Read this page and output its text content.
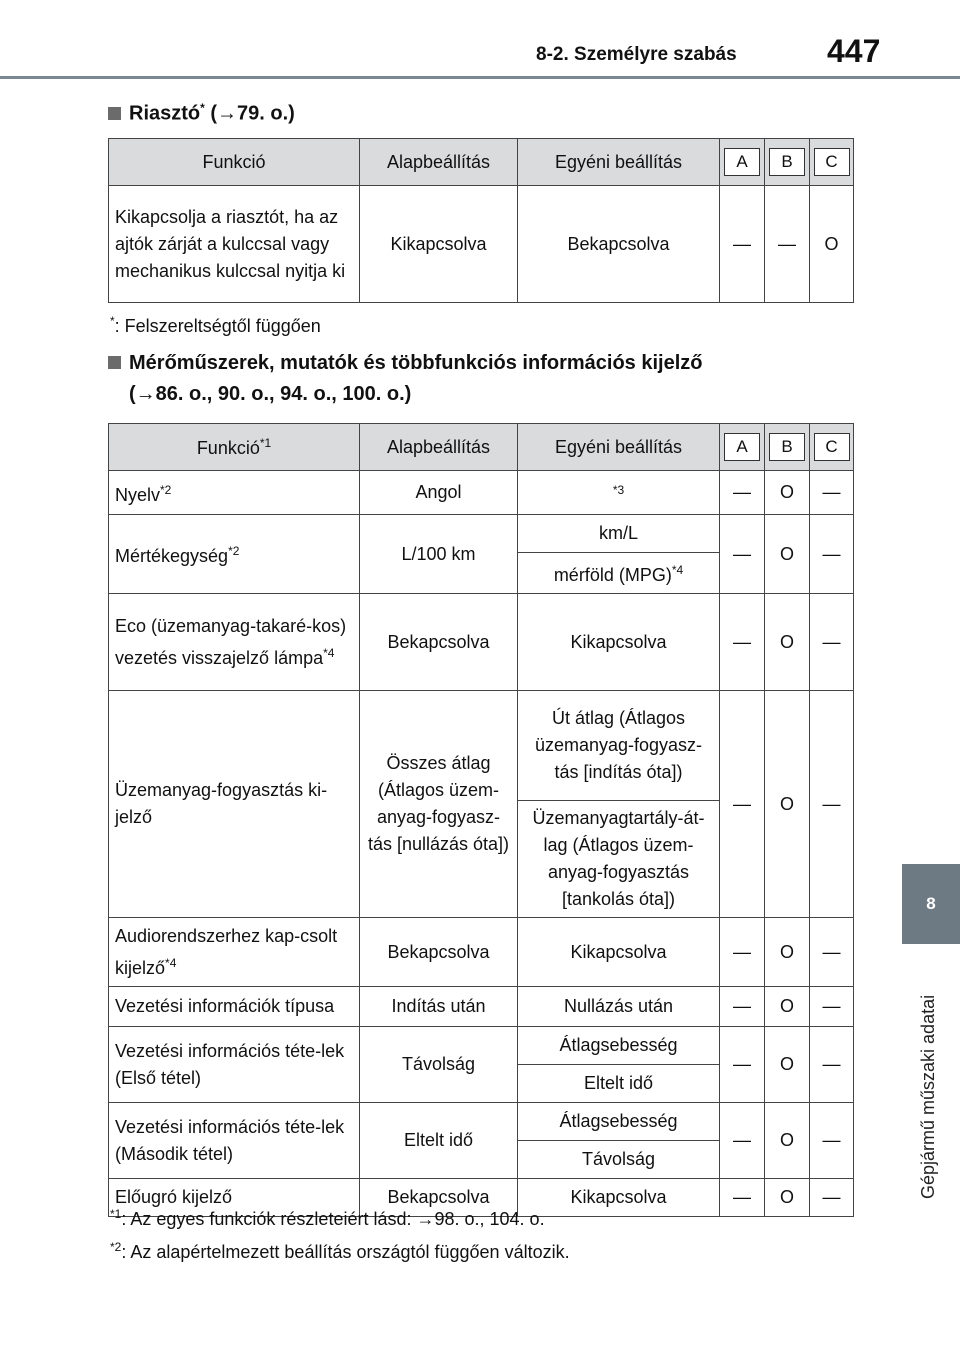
8-2. Személyre szabás	447
8
Gépjármű műszaki adatai
Riasztó* (→79. o.)
Funkció	Alapbeállítás	Egyéni beállítás	A	B	C
Kikapcsolja a riasztót, ha az ajtók zárját a kulccsal vagy mechanikus kulccsal nyitja ki	Kikapcsolva	Bekapcsolva	—	—	O
*: Felszereltségtől függően
Mérőműszerek, mutatók és többfunkciós információs kijelző
(→86. o., 90. o., 94. o., 100. o.)
Funkció$^{*1}$	Alapbeállítás	Egyéni beállítás	A	B	C
Nyelv$^{*2}$	Angol	$^{*3}$	—	O	—
Mértékegység$^{*2}$	L/100 km	km/L	—	O	—
		mérföld (MPG)$^{*4}$
Eco (üzemanyag-takaré-kos) vezetés visszajelző lámpa$^{*4}$	Bekapcsolva	Kikapcsolva	—	O	—
Üzemanyag-fogyasztás ki-jelző	Összes átlag (Átlagos üzem-anyag-fogyasz-tás [nullázás óta])	Út átlag (Átlagos üzemanyag-fogyasz-tás [indítás óta])	—	O	—
		Üzemanyagtartály-át-lag (Átlagos üzem-anyag-fogyasztás [tankolás óta])			
Audiorendszerhez kap-csolt kijelző$^{*4}$	Bekapcsolva	Kikapcsolva	—	O	—
Vezetési információk típusa	Indítás után	Nullázás után	—	O	—
Vezetési információs téte-lek (Első tétel)	Távolság	Átlagsebesség	—	O	—
		Eltelt idő			
Vezetési információs téte-lek (Második tétel)	Eltelt idő	Átlagsebesség	—	O	—
		Távolság			
Előugró kijelző	Bekapcsolva	Kikapcsolva	—	O	—
$^{*1}$: Az egyes funkciók részleteiért lásd: →98. o., 104. o.
$^{*2}$: Az alapértelmezett beállítás országtól függően változik.
